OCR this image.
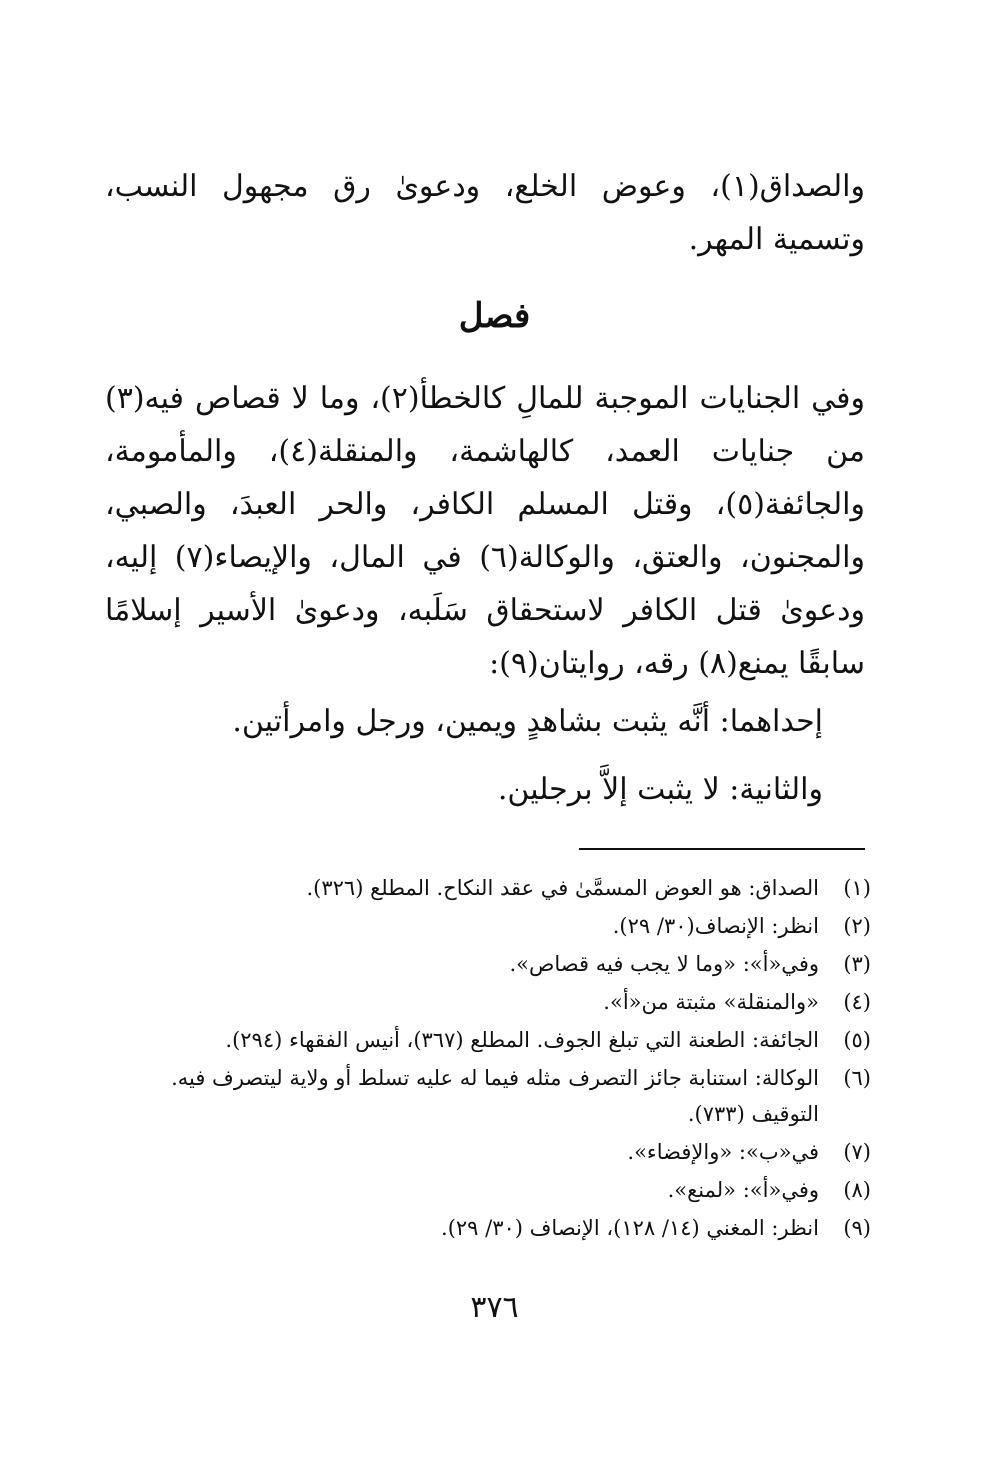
والصداق(١)، وعوض الخلع، ودعوىٰ رق مجهول النسب، وتسمية المهر.

فصل

وفي الجنايات الموجبة للمالِ كالخطأ(٢)، وما لا قصاص فيه(٣) من جنايات العمد، كالهاشمة، والمنقلة(٤)، والمأمومة، والجائفة(٥)، وقتل المسلم الكافر، والحر العبدَ، والصبي، والمجنون، والعتق، والوكالة(٦) في المال، والإيصاء(٧) إليه، ودعوىٰ قتل الكافر لاستحقاق سَلَبه، ودعوىٰ الأسير إسلامًا سابقًا يمنع(٨) رقه، روايتان(٩):

إحداهما: أنَّه يثبت بشاهدٍ ويمين، ورجل وامرأتين.

والثانية: لا يثبت إلاَّ برجلين.

(١)
الصداق: هو العوض المسمَّىٰ في عقد النكاح. المطلع (٣٢٦).
(٢)
انظر: الإنصاف(٣٠/ ٢٩).
(٣)
وفي«أ»: «وما لا يجب فيه قصاص».
(٤)
«والمنقلة» مثبتة من«أ».
(٥)
الجائفة: الطعنة التي تبلغ الجوف. المطلع (٣٦٧)، أنيس الفقهاء (٢٩٤).
(٦)
الوكالة: استنابة جائز التصرف مثله فيما له عليه تسلط أو ولاية ليتصرف فيه. التوقيف (٧٣٣).
(٧)
في«ب»: «والإفضاء».
(٨)
وفي«أ»: «لمنع».
(٩)
انظر: المغني (١٤/ ١٢٨)، الإنصاف (٣٠/ ٢٩).
٣٧٦
